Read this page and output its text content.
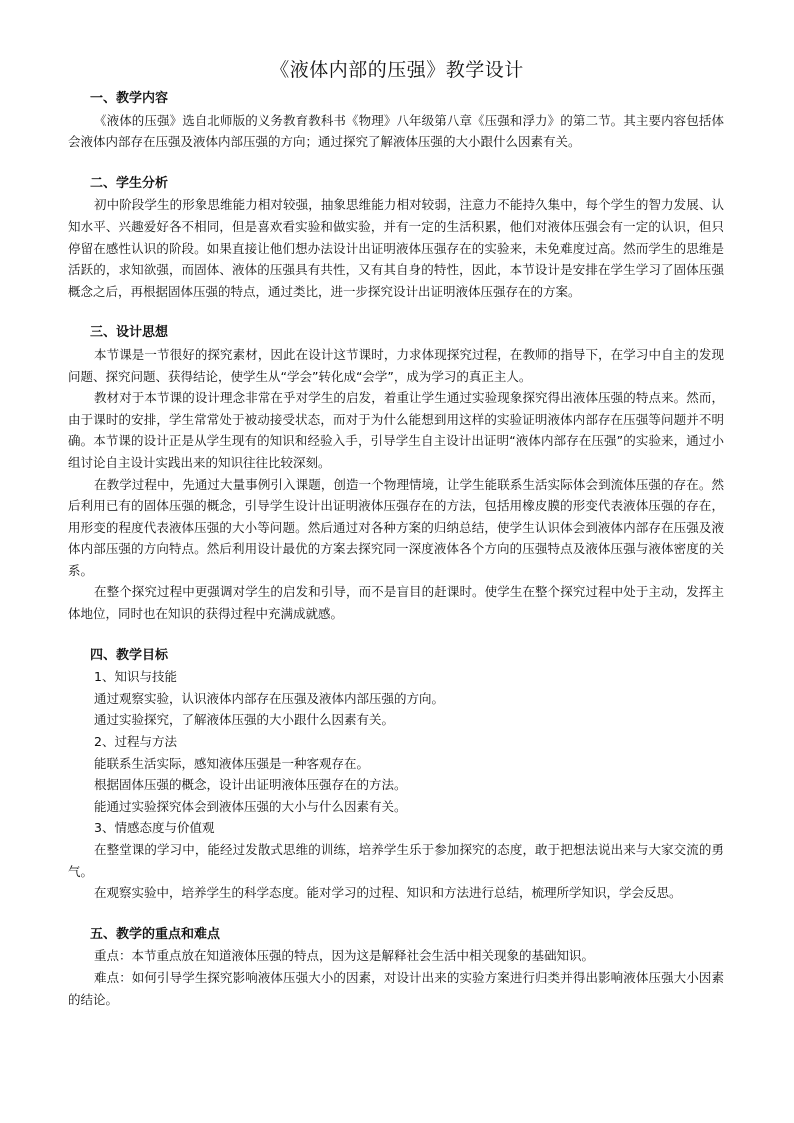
《液体内部的压强》教学设计

一、教学内容

《液体的压强》选自北师版的义务教育教科书《物理》八年级第八章《压强和浮力》的第二节。其主要内容包括体会液体内部存在压强及液体内部压强的方向；通过探究了解液体压强的大小跟什么因素有关。

二、学生分析

初中阶段学生的形象思维能力相对较强，抽象思维能力相对较弱，注意力不能持久集中，每个学生的智力发展、认知水平、兴趣爱好各不相同，但是喜欢看实验和做实验，并有一定的生活积累，他们对液体压强会有一定的认识，但只停留在感性认识的阶段。如果直接让他们想办法设计出证明液体压强存在的实验来，未免难度过高。然而学生的思维是活跃的，求知欲强，而固体、液体的压强具有共性，又有其自身的特性，因此，本节设计是安排在学生学习了固体压强概念之后，再根据固体压强的特点，通过类比，进一步探究设计出证明液体压强存在的方案。

三、设计思想

本节课是一节很好的探究素材，因此在设计这节课时，力求体现探究过程，在教师的指导下，在学习中自主的发现问题、探究问题、获得结论，使学生从“学会”转化成“会学”，成为学习的真正主人。

教材对于本节课的设计理念非常在乎对学生的启发，着重让学生通过实验现象探究得出液体压强的特点来。然而，由于课时的安排，学生常常处于被动接受状态，而对于为什么能想到用这样的实验证明液体内部存在压强等问题并不明确。本节课的设计正是从学生现有的知识和经验入手，引导学生自主设计出证明“液体内部存在压强”的实验来，通过小组讨论自主设计实践出来的知识往往比较深刻。

在教学过程中，先通过大量事例引入课题，创造一个物理情境，让学生能联系生活实际体会到流体压强的存在。然后利用已有的固体压强的概念，引导学生设计出证明液体压强存在的方法，包括用橡皮膜的形变代表液体压强的存在，用形变的程度代表液体压强的大小等问题。然后通过对各种方案的归纳总结，使学生认识体会到液体内部存在压强及液体内部压强的方向特点。然后利用设计最优的方案去探究同一深度液体各个方向的压强特点及液体压强与液体密度的关系。

在整个探究过程中更强调对学生的启发和引导，而不是盲目的赶课时。使学生在整个探究过程中处于主动，发挥主体地位，同时也在知识的获得过程中充满成就感。

四、教学目标

1、知识与技能

通过观察实验，认识液体内部存在压强及液体内部压强的方向。

通过实验探究，了解液体压强的大小跟什么因素有关。

2、过程与方法

能联系生活实际，感知液体压强是一种客观存在。

根据固体压强的概念，设计出证明液体压强存在的方法。

能通过实验探究体会到液体压强的大小与什么因素有关。

3、情感态度与价值观

在整堂课的学习中，能经过发散式思维的训练，培养学生乐于参加探究的态度，敢于把想法说出来与大家交流的勇气。

在观察实验中，培养学生的科学态度。能对学习的过程、知识和方法进行总结，梳理所学知识，学会反思。

五、教学的重点和难点

重点：本节重点放在知道液体压强的特点，因为这是解释社会生活中相关现象的基础知识。

难点：如何引导学生探究影响液体压强大小的因素，对设计出来的实验方案进行归类并得出影响液体压强大小因素的结论。
